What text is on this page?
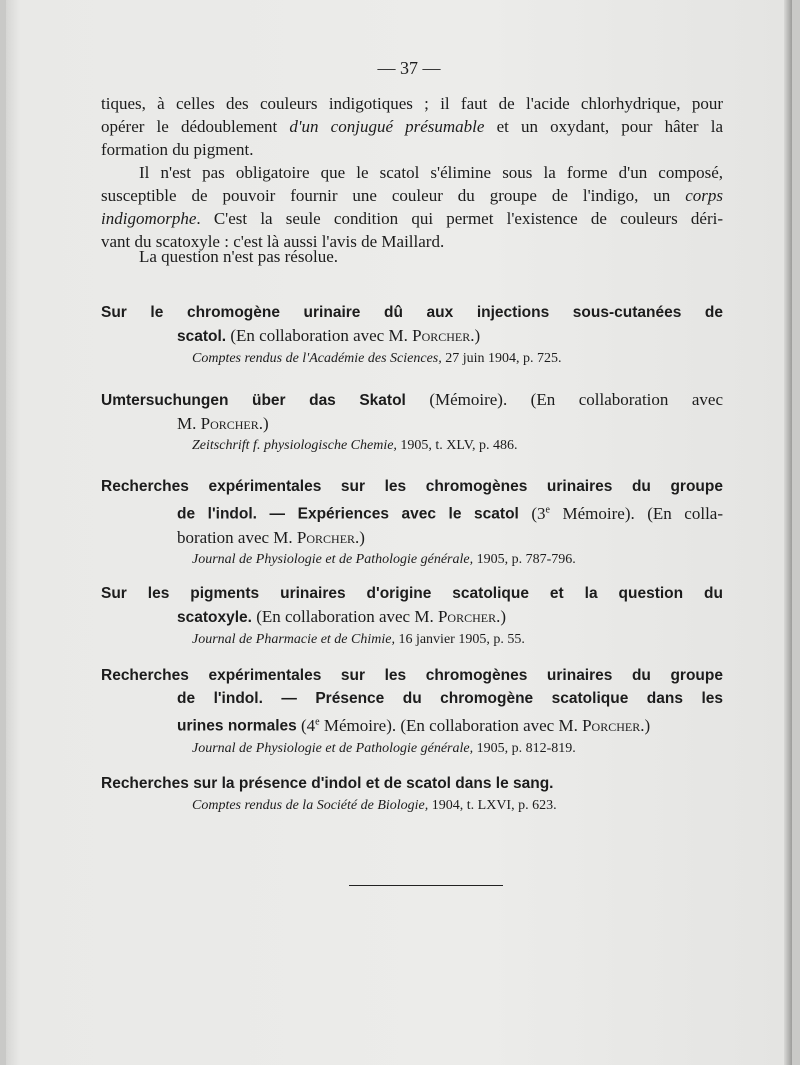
— 37 —
tiques, à celles des couleurs indigotiques ; il faut de l'acide chlorhydrique, pour
opérer le dédoublement d'un conjugué présumable et un oxydant, pour hâter la
formation du pigment.
Il n'est pas obligatoire que le scatol s'élimine sous la forme d'un composé,
susceptible de pouvoir fournir une couleur du groupe de l'indigo, un corps
indigomorphe. C'est la seule condition qui permet l'existence de couleurs déri-
vant du scatoxyle : c'est là aussi l'avis de Maillard.
La question n'est pas résolue.
Sur le chromogène urinaire dû aux injections sous-cutanées de
scatol. (En collaboration avec M. Porcher.)
Comptes rendus de l'Académie des Sciences, 27 juin 1904, p. 725.
Umtersuchungen über das Skatol (Mémoire). (En collaboration avec
M. Porcher.)
Zeitschrift f. physiologische Chemie, 1905, t. XLV, p. 486.
Recherches expérimentales sur les chromogènes urinaires du groupe
de l'indol. — Expériences avec le scatol (3e Mémoire). (En colla-
boration avec M. Porcher.)
Journal de Physiologie et de Pathologie générale, 1905, p. 787-796.
Sur les pigments urinaires d'origine scatolique et la question du
scatoxyle. (En collaboration avec M. Porcher.)
Journal de Pharmacie et de Chimie, 16 janvier 1905, p. 55.
Recherches expérimentales sur les chromogènes urinaires du groupe
de l'indol. — Présence du chromogène scatolique dans les
urines normales (4e Mémoire). (En collaboration avec M. Porcher.)
Journal de Physiologie et de Pathologie générale, 1905, p. 812-819.
Recherches sur la présence d'indol et de scatol dans le sang.
Comptes rendus de la Société de Biologie, 1904, t. LXVI, p. 623.
